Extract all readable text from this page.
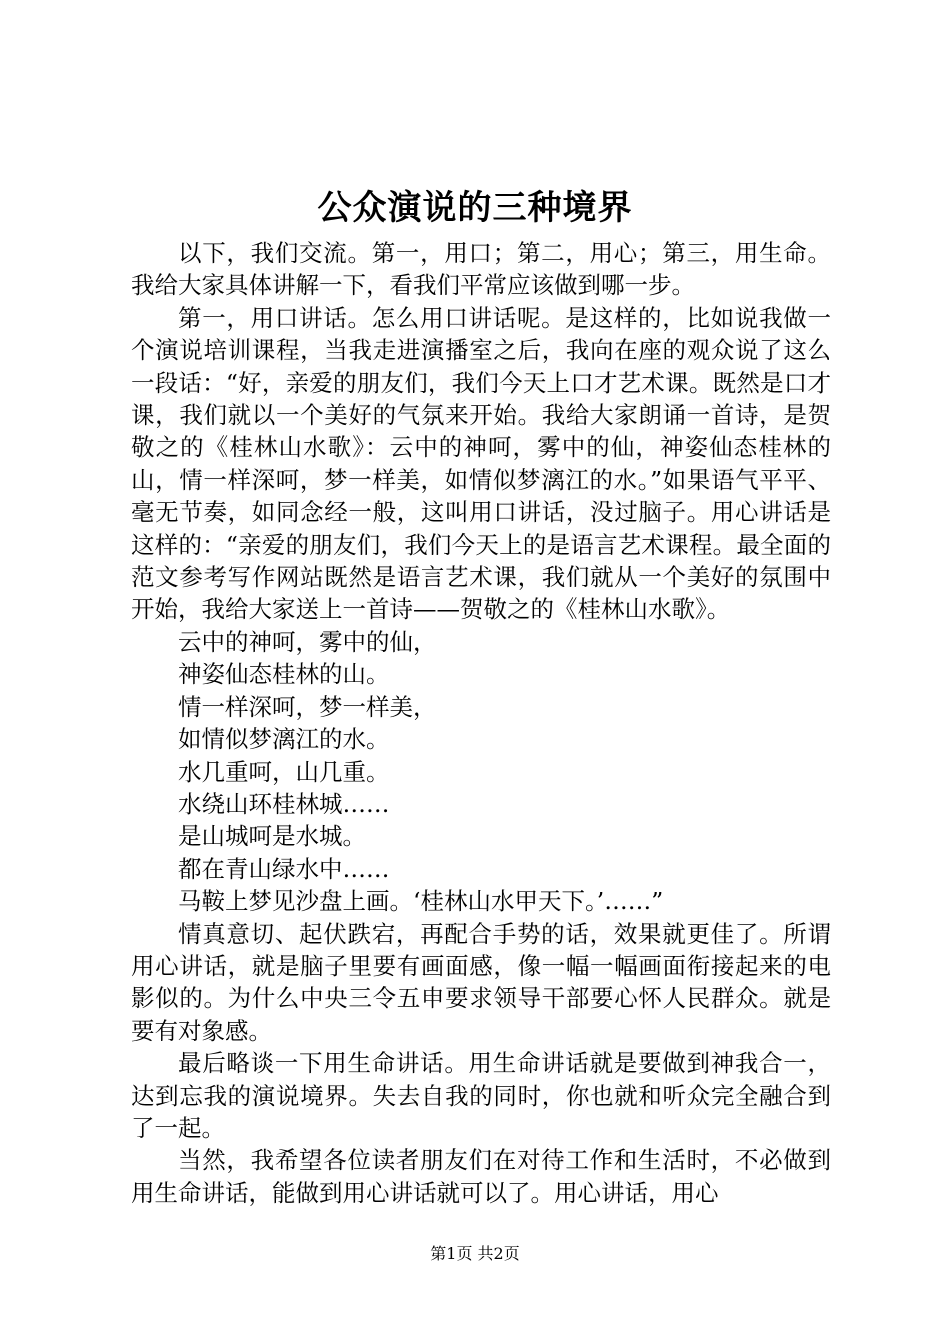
公众演说的三种境界

以下，我们交流。第一，用口；第二，用心；第三，用生命。我给大家具体讲解一下，看我们平常应该做到哪一步。

第一，用口讲话。怎么用口讲话呢。是这样的，比如说我做一个演说培训课程，当我走进演播室之后，我向在座的观众说了这么一段话：“好，亲爱的朋友们，我们今天上口才艺术课。既然是口才课，我们就以一个美好的气氛来开始。我给大家朗诵一首诗，是贺敬之的《桂林山水歌》：云中的神呵，雾中的仙，神姿仙态桂林的山，情一样深呵，梦一样美，如情似梦漓江的水。”如果语气平平、毫无节奏，如同念经一般，这叫用口讲话，没过脑子。用心讲话是这样的：“亲爱的朋友们，我们今天上的是语言艺术课程。最全面的范文参考写作网站既然是语言艺术课，我们就从一个美好的氛围中开始，我给大家送上一首诗——贺敬之的《桂林山水歌》。

云中的神呵，雾中的仙，

神姿仙态桂林的山。

情一样深呵，梦一样美，

如情似梦漓江的水。

水几重呵，山几重。

水绕山环桂林城……

是山城呵是水城。

都在青山绿水中……

马鞍上梦见沙盘上画。‘桂林山水甲天下。’……”

情真意切、起伏跌宕，再配合手势的话，效果就更佳了。所谓用心讲话，就是脑子里要有画面感，像一幅一幅画面衔接起来的电影似的。为什么中央三令五申要求领导干部要心怀人民群众。就是要有对象感。

最后略谈一下用生命讲话。用生命讲话就是要做到神我合一，达到忘我的演说境界。失去自我的同时，你也就和听众完全融合到了一起。

当然，我希望各位读者朋友们在对待工作和生活时，不必做到用生命讲话，能做到用心讲话就可以了。用心讲话，用心

第1页 共2页
